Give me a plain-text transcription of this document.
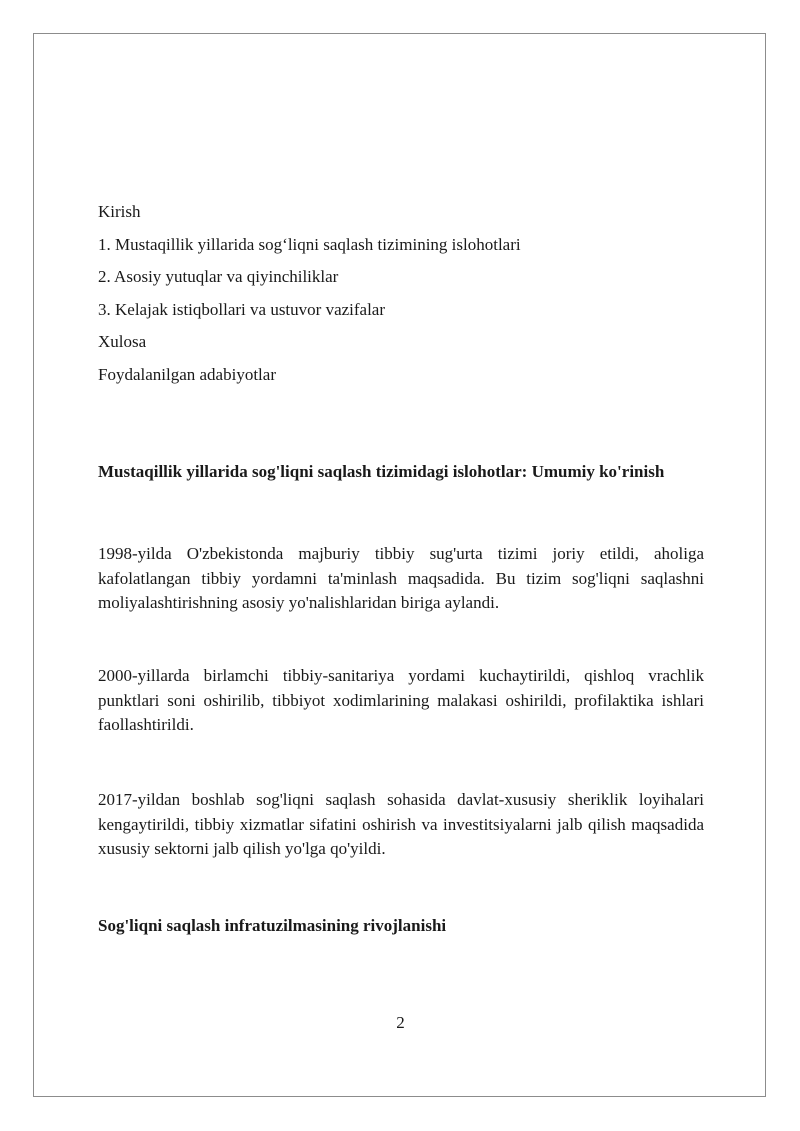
Kirish

1. Mustaqillik yillarida sog‘liqni saqlash tizimining islohotlari

2. Asosiy yutuqlar va qiyinchiliklar

3. Kelajak istiqbollari va ustuvor vazifalar

Xulosa

Foydalanilgan adabiyotlar

Mustaqillik yillarida sog'liqni saqlash tizimidagi islohotlar: Umumiy ko'rinish

1998-yilda O'zbekistonda majburiy tibbiy sug'urta tizimi joriy etildi, aholiga kafolatlangan tibbiy yordamni ta'minlash maqsadida. Bu tizim sog'liqni saqlashni moliyalashtirishning asosiy yo'nalishlaridan biriga aylandi.

2000-yillarda birlamchi tibbiy-sanitariya yordami kuchaytirildi, qishloq vrachlik punktlari soni oshirilib, tibbiyot xodimlarining malakasi oshirildi, profilaktika ishlari faollashtirildi.

2017-yildan boshlab sog'liqni saqlash sohasida davlat-xususiy sheriklik loyihalari kengaytirildi, tibbiy xizmatlar sifatini oshirish va investitsiyalarni jalb qilish maqsadida xususiy sektorni jalb qilish yo'lga qo'yildi.

Sog'liqni saqlash infratuzilmasining rivojlanishi
2
